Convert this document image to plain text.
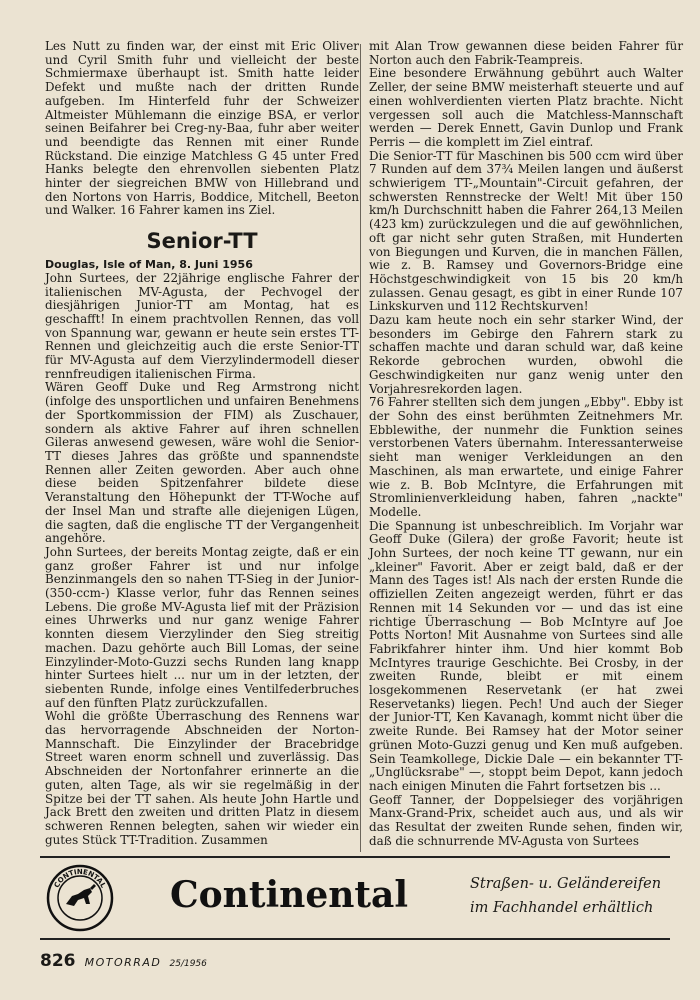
Les Nutt zu finden war, der einst mit Eric Oliver und Cyril Smith fuhr und vielleicht der beste Schmiermaxe überhaupt ist. Smith hatte leider Defekt und mußte nach der dritten Runde aufgeben. Im Hinterfeld fuhr der Schweizer Altmeister Mühlemann die einzige BSA, er verlor seinen Beifahrer bei Creg-ny-Baa, fuhr aber weiter und beendigte das Rennen mit einer Runde Rückstand. Die einzige Matchless G 45 unter Fred Hanks belegte den ehrenvollen siebenten Platz hinter der siegreichen BMW von Hillebrand und den Nortons von Harris, Boddice, Mitchell, Beeton und Walker. 16 Fahrer kamen ins Ziel.

Senior-TT

Douglas, Isle of Man, 8. Juni 1956

John Surtees, der 22jährige englische Fahrer der italienischen MV-Agusta, der Pechvogel der diesjährigen Junior-TT am Montag, hat es geschafft! In einem prachtvollen Rennen, das voll von Spannung war, gewann er heute sein erstes TT-Rennen und gleichzeitig auch die erste Senior-TT für MV-Agusta auf dem Vierzylindermodell dieser rennfreudigen italienischen Firma.

Wären Geoff Duke und Reg Armstrong nicht (infolge des unsportlichen und unfairen Benehmens der Sportkommission der FIM) als Zuschauer, sondern als aktive Fahrer auf ihren schnellen Gileras anwesend gewesen, wäre wohl die Senior-TT dieses Jahres das größte und spannendste Rennen aller Zeiten geworden. Aber auch ohne diese beiden Spitzenfahrer bildete diese Veranstaltung den Höhepunkt der TT-Woche auf der Insel Man und strafte alle diejenigen Lügen, die sagten, daß die englische TT der Vergangenheit angehöre.

John Surtees, der bereits Montag zeigte, daß er ein ganz großer Fahrer ist und nur infolge Benzinmangels den so nahen TT-Sieg in der Junior-(350-ccm-) Klasse verlor, fuhr das Rennen seines Lebens. Die große MV-Agusta lief mit der Präzision eines Uhrwerks und nur ganz wenige Fahrer konnten diesem Vierzylinder den Sieg streitig machen. Dazu gehörte auch Bill Lomas, der seine Einzylinder-Moto-Guzzi sechs Runden lang knapp hinter Surtees hielt ... nur um in der letzten, der siebenten Runde, infolge eines Ventilfederbruches auf den fünften Platz zurückzufallen.

Wohl die größte Überraschung des Rennens war das hervorragende Abschneiden der Norton-Mannschaft. Die Einzylinder der Bracebridge Street waren enorm schnell und zuverlässig. Das Abschneiden der Nortonfahrer erinnerte an die guten, alten Tage, als wir sie regelmäßig in der Spitze bei der TT sahen. Als heute John Hartle und Jack Brett den zweiten und dritten Platz in diesem schweren Rennen belegten, sahen wir wieder ein gutes Stück TT-Tradition. Zusammen

mit Alan Trow gewannen diese beiden Fahrer für Norton auch den Fabrik-Teampreis.

Eine besondere Erwähnung gebührt auch Walter Zeller, der seine BMW meisterhaft steuerte und auf einen wohlverdienten vierten Platz brachte. Nicht vergessen soll auch die Matchless-Mannschaft werden — Derek Ennett, Gavin Dunlop und Frank Perris — die komplett im Ziel eintraf.

Die Senior-TT für Maschinen bis 500 ccm wird über 7 Runden auf dem 37¾ Meilen langen und äußerst schwierigem TT-„Mountain"-Circuit gefahren, der schwersten Rennstrecke der Welt! Mit über 150 km/h Durchschnitt haben die Fahrer 264,13 Meilen (423 km) zurückzulegen und die auf gewöhnlichen, oft gar nicht sehr guten Straßen, mit Hunderten von Biegungen und Kurven, die in manchen Fällen, wie z. B. Ramsey und Governors-Bridge eine Höchstgeschwindigkeit von 15 bis 20 km/h zulassen. Genau gesagt, es gibt in einer Runde 107 Linkskurven und 112 Rechtskurven!

Dazu kam heute noch ein sehr starker Wind, der besonders im Gebirge den Fahrern stark zu schaffen machte und daran schuld war, daß keine Rekorde gebrochen wurden, obwohl die Geschwindigkeiten nur ganz wenig unter den Vorjahresrekorden lagen.

76 Fahrer stellten sich dem jungen „Ebby". Ebby ist der Sohn des einst berühmten Zeitnehmers Mr. Ebblewithe, der nunmehr die Funktion seines verstorbenen Vaters übernahm. Interessanterweise sieht man weniger Verkleidungen an den Maschinen, als man erwartete, und einige Fahrer wie z. B. Bob McIntyre, die Erfahrungen mit Stromlinienverkleidung haben, fahren „nackte" Modelle.

Die Spannung ist unbeschreiblich. Im Vorjahr war Geoff Duke (Gilera) der große Favorit; heute ist John Surtees, der noch keine TT gewann, nur ein „kleiner" Favorit. Aber er zeigt bald, daß er der Mann des Tages ist! Als nach der ersten Runde die offiziellen Zeiten angezeigt werden, führt er das Rennen mit 14 Sekunden vor — und das ist eine richtige Überraschung — Bob McIntyre auf Joe Potts Norton! Mit Ausnahme von Surtees sind alle Fabrikfahrer hinter ihm. Und hier kommt Bob McIntyres traurige Geschichte. Bei Crosby, in der zweiten Runde, bleibt er mit einem losgekommenen Reservetank (er hat zwei Reservetanks) liegen. Pech! Und auch der Sieger der Junior-TT, Ken Kavanagh, kommt nicht über die zweite Runde. Bei Ramsey hat der Motor seiner grünen Moto-Guzzi genug und Ken muß aufgeben. Sein Teamkollege, Dickie Dale — ein bekannter TT-„Unglücksrabe" —, stoppt beim Depot, kann jedoch nach einigen Minuten die Fahrt fortsetzen bis ...

Geoff Tanner, der Doppelsieger des vorjährigen Manx-Grand-Prix, scheidet auch aus, und als wir das Resultat der zweiten Runde sehen, finden wir, daß die schnurrende MV-Agusta von Surtees

CONTINENTAL Continental	Straßen- u. Geländereifen
im Fachhandel erhältlich
826 MOTORRAD 25/1956
